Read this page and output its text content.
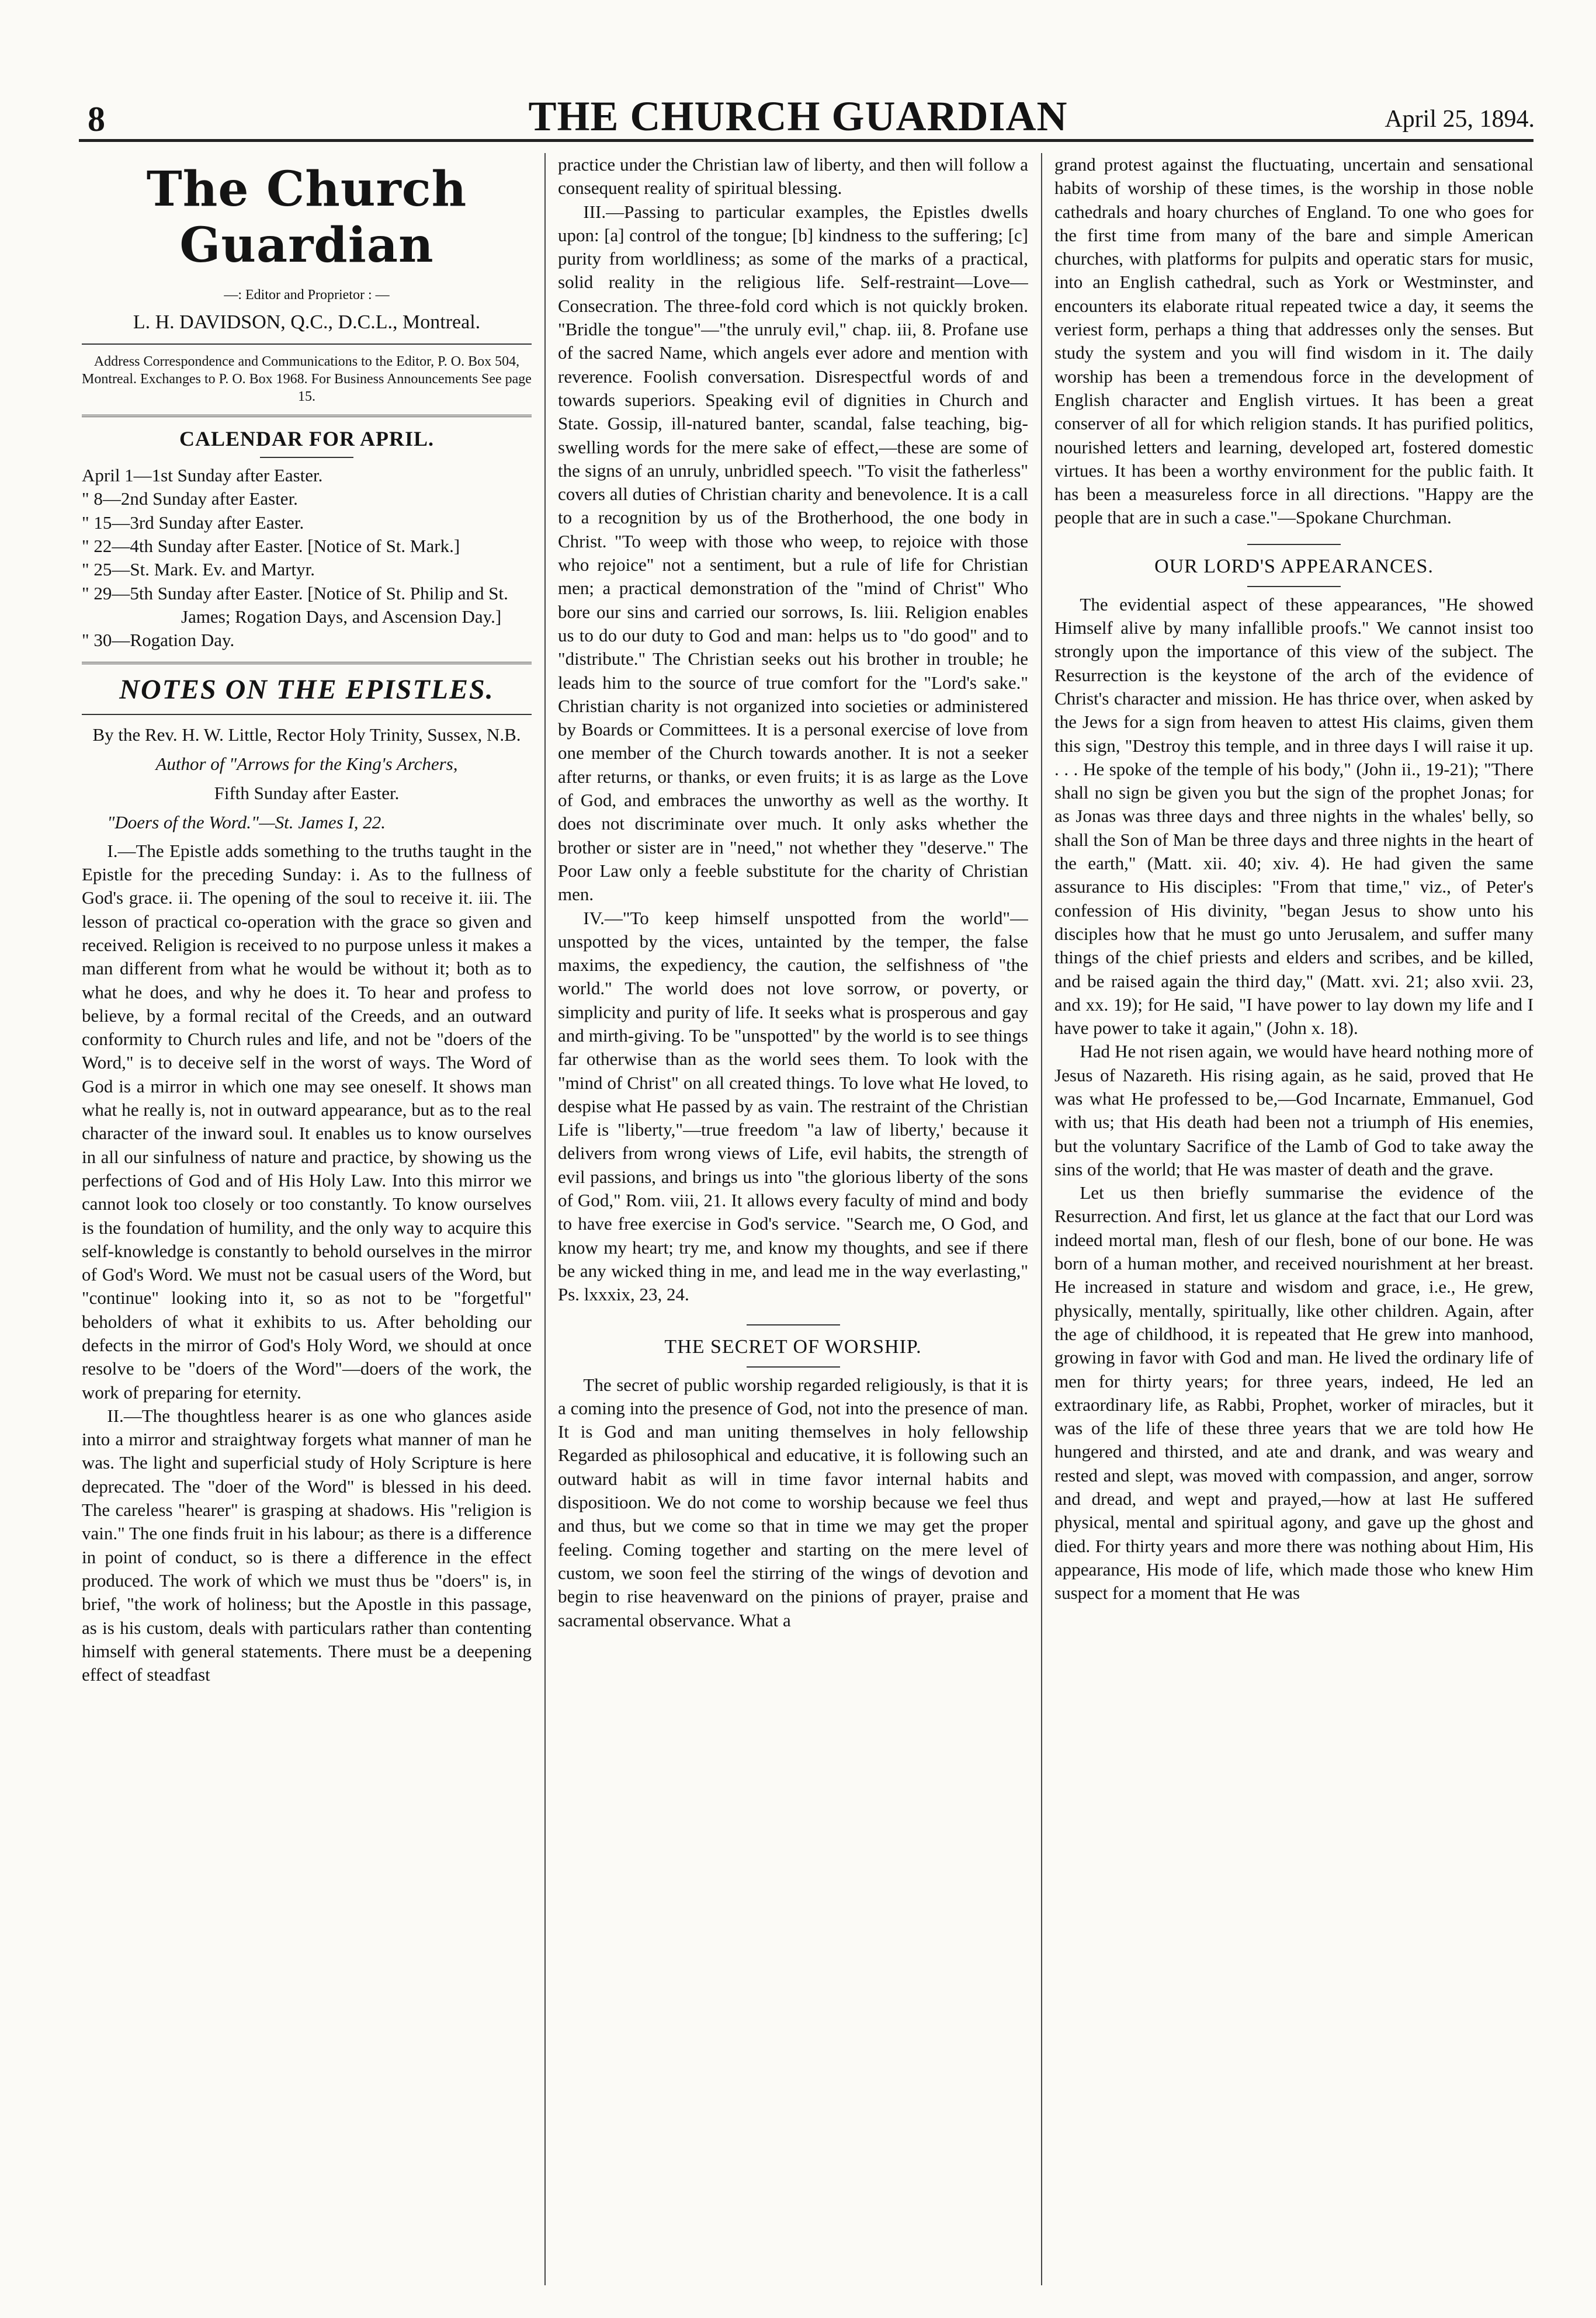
8	THE CHURCH GUARDIAN	April 25, 1894.
The Church Guardian

—: Editor and Proprietor : —

L. H. DAVIDSON, Q.C., D.C.L., Montreal.

Address Correspondence and Communications to the Editor, P. O. Box 504, Montreal. Exchanges to P. O. Box 1968. For Business Announcements See page 15.

CALENDAR FOR APRIL.
April 1—1st Sunday after Easter.
" 8—2nd Sunday after Easter.
" 15—3rd Sunday after Easter.
" 22—4th Sunday after Easter. [Notice of St. Mark.]
" 25—St. Mark. Ev. and Martyr.
" 29—5th Sunday after Easter. [Notice of St. Philip and St. James; Rogation Days, and Ascension Day.]
" 30—Rogation Day.
NOTES ON THE EPISTLES.

By the Rev. H. W. Little, Rector Holy Trinity, Sussex, N.B.

Author of "Arrows for the King's Archers,

Fifth Sunday after Easter.

"Doers of the Word."—St. James I, 22.

I.—The Epistle adds something to the truths taught in the Epistle for the preceding Sunday: i. As to the fullness of God's grace. ii. The opening of the soul to receive it. iii. The lesson of practical co-operation with the grace so given and received. Religion is received to no purpose unless it makes a man different from what he would be without it; both as to what he does, and why he does it. To hear and profess to believe, by a formal recital of the Creeds, and an outward conformity to Church rules and life, and not be "doers of the Word," is to deceive self in the worst of ways. The Word of God is a mirror in which one may see oneself. It shows man what he really is, not in outward appearance, but as to the real character of the inward soul. It enables us to know ourselves in all our sinfulness of nature and practice, by showing us the perfections of God and of His Holy Law. Into this mirror we cannot look too closely or too constantly. To know ourselves is the foundation of humility, and the only way to acquire this self-knowledge is constantly to behold ourselves in the mirror of God's Word. We must not be casual users of the Word, but "continue" looking into it, so as not to be "forgetful" beholders of what it exhibits to us. After beholding our defects in the mirror of God's Holy Word, we should at once resolve to be "doers of the Word"—doers of the work, the work of preparing for eternity.

II.—The thoughtless hearer is as one who glances aside into a mirror and straightway forgets what manner of man he was. The light and superficial study of Holy Scripture is here deprecated. The "doer of the Word" is blessed in his deed. The careless "hearer" is grasping at shadows. His "religion is vain." The one finds fruit in his labour; as there is a difference in point of conduct, so is there a difference in the effect produced. The work of which we must thus be "doers" is, in brief, "the work of holiness; but the Apostle in this passage, as is his custom, deals with particulars rather than contenting himself with general statements. There must be a deepening effect of steadfast

practice under the Christian law of liberty, and then will follow a consequent reality of spiritual blessing.

III.—Passing to particular examples, the Epistles dwells upon: [a] control of the tongue; [b] kindness to the suffering; [c] purity from worldliness; as some of the marks of a practical, solid reality in the religious life. Self-restraint—Love—Consecration. The three-fold cord which is not quickly broken. "Bridle the tongue"—"the unruly evil," chap. iii, 8. Profane use of the sacred Name, which angels ever adore and mention with reverence. Foolish conversation. Disrespectful words of and towards superiors. Speaking evil of dignities in Church and State. Gossip, ill-natured banter, scandal, false teaching, big-swelling words for the mere sake of effect,—these are some of the signs of an unruly, unbridled speech. "To visit the fatherless" covers all duties of Christian charity and benevolence. It is a call to a recognition by us of the Brotherhood, the one body in Christ. "To weep with those who weep, to rejoice with those who rejoice" not a sentiment, but a rule of life for Christian men; a practical demonstration of the "mind of Christ" Who bore our sins and carried our sorrows, Is. liii. Religion enables us to do our duty to God and man: helps us to "do good" and to "distribute." The Christian seeks out his brother in trouble; he leads him to the source of true comfort for the "Lord's sake." Christian charity is not organized into societies or administered by Boards or Committees. It is a personal exercise of love from one member of the Church towards another. It is not a seeker after returns, or thanks, or even fruits; it is as large as the Love of God, and embraces the unworthy as well as the worthy. It does not discriminate over much. It only asks whether the brother or sister are in "need," not whether they "deserve." The Poor Law only a feeble substitute for the charity of Christian men.

IV.—"To keep himself unspotted from the world"—unspotted by the vices, untainted by the temper, the false maxims, the expediency, the caution, the selfishness of "the world." The world does not love sorrow, or poverty, or simplicity and purity of life. It seeks what is prosperous and gay and mirth-giving. To be "unspotted" by the world is to see things far otherwise than as the world sees them. To look with the "mind of Christ" on all created things. To love what He loved, to despise what He passed by as vain. The restraint of the Christian Life is "liberty,"—true freedom "a law of liberty,' because it delivers from wrong views of Life, evil habits, the strength of evil passions, and brings us into "the glorious liberty of the sons of God," Rom. viii, 21. It allows every faculty of mind and body to have free exercise in God's service. "Search me, O God, and know my heart; try me, and know my thoughts, and see if there be any wicked thing in me, and lead me in the way everlasting," Ps. lxxxix, 23, 24.

THE SECRET OF WORSHIP.

The secret of public worship regarded religiously, is that it is a coming into the presence of God, not into the presence of man. It is God and man uniting themselves in holy fellowship Regarded as philosophical and educative, it is following such an outward habit as will in time favor internal habits and dispositioon. We do not come to worship because we feel thus and thus, but we come so that in time we may get the proper feeling. Coming together and starting on the mere level of custom, we soon feel the stirring of the wings of devotion and begin to rise heavenward on the pinions of prayer, praise and sacramental observance. What a

grand protest against the fluctuating, uncertain and sensational habits of worship of these times, is the worship in those noble cathedrals and hoary churches of England. To one who goes for the first time from many of the bare and simple American churches, with platforms for pulpits and operatic stars for music, into an English cathedral, such as York or Westminster, and encounters its elaborate ritual repeated twice a day, it seems the veriest form, perhaps a thing that addresses only the senses. But study the system and you will find wisdom in it. The daily worship has been a tremendous force in the development of English character and English virtues. It has been a great conserver of all for which religion stands. It has purified politics, nourished letters and learning, developed art, fostered domestic virtues. It has been a worthy environment for the public faith. It has been a measureless force in all directions. "Happy are the people that are in such a case."—Spokane Churchman.

OUR LORD'S APPEARANCES.

The evidential aspect of these appearances, "He showed Himself alive by many infallible proofs." We cannot insist too strongly upon the importance of this view of the subject. The Resurrection is the keystone of the arch of the evidence of Christ's character and mission. He has thrice over, when asked by the Jews for a sign from heaven to attest His claims, given them this sign, "Destroy this temple, and in three days I will raise it up. . . . He spoke of the temple of his body," (John ii., 19-21); "There shall no sign be given you but the sign of the prophet Jonas; for as Jonas was three days and three nights in the whales' belly, so shall the Son of Man be three days and three nights in the heart of the earth," (Matt. xii. 40; xiv. 4). He had given the same assurance to His disciples: "From that time," viz., of Peter's confession of His divinity, "began Jesus to show unto his disciples how that he must go unto Jerusalem, and suffer many things of the chief priests and elders and scribes, and be killed, and be raised again the third day," (Matt. xvi. 21; also xvii. 23, and xx. 19); for He said, "I have power to lay down my life and I have power to take it again," (John x. 18).

Had He not risen again, we would have heard nothing more of Jesus of Nazareth. His rising again, as he said, proved that He was what He professed to be,—God Incarnate, Emmanuel, God with us; that His death had been not a triumph of His enemies, but the voluntary Sacrifice of the Lamb of God to take away the sins of the world; that He was master of death and the grave.

Let us then briefly summarise the evidence of the Resurrection. And first, let us glance at the fact that our Lord was indeed mortal man, flesh of our flesh, bone of our bone. He was born of a human mother, and received nourishment at her breast. He increased in stature and wisdom and grace, i.e., He grew, physically, mentally, spiritually, like other children. Again, after the age of childhood, it is repeated that He grew into manhood, growing in favor with God and man. He lived the ordinary life of men for thirty years; for three years, indeed, He led an extraordinary life, as Rabbi, Prophet, worker of miracles, but it was of the life of these three years that we are told how He hungered and thirsted, and ate and drank, and was weary and rested and slept, was moved with compassion, and anger, sorrow and dread, and wept and prayed,—how at last He suffered physical, mental and spiritual agony, and gave up the ghost and died. For thirty years and more there was nothing about Him, His appearance, His mode of life, which made those who knew Him suspect for a moment that He was
